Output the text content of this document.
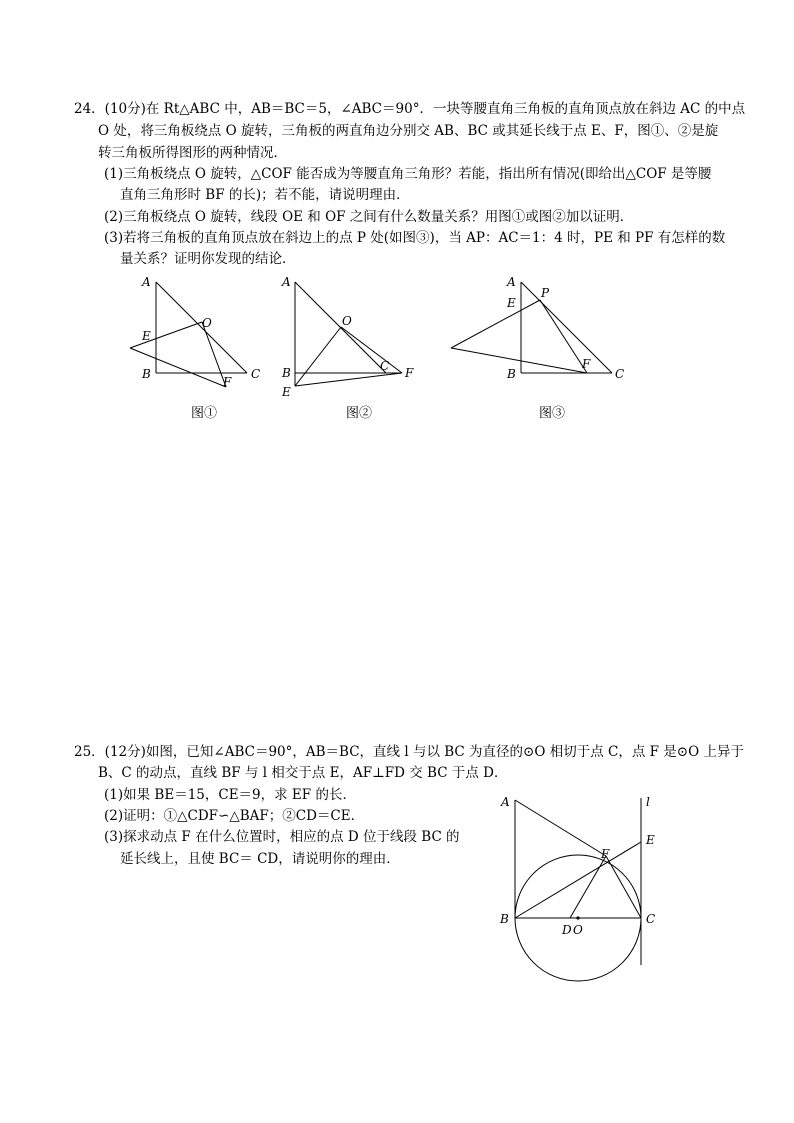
24．(10分)在 Rt△ABC 中，AB＝BC＝5，∠ABC＝90°．一块等腰直角三角板的直角顶点放在斜边 AC 的中点
O 处，将三角板绕点 O 旋转，三角板的两直角边分别交 AB、BC 或其延长线于点 E、F，图①、②是旋
转三角板所得图形的两种情况．
(1)三角板绕点 O 旋转，△COF 能否成为等腰直角三角形？若能，指出所有情况(即给出△COF 是等腰
直角三角形时 BF 的长)；若不能，请说明理由．
(2)三角板绕点 O 旋转，线段 OE 和 OF 之间有什么数量关系？用图①或图②加以证明．
(3)若将三角板的直角顶点放在斜边上的点 P 处(如图③)，当 AP：AC＝1：4 时，PE 和 PF 有怎样的数
量关系？证明你发现的结论．
A
E
O
B	C
F
图①
A
O
B	C F
E
图②
A
P
E
F
B	C
图③
25．(12分)如图，已知∠ABC＝90°，AB＝BC，直线 l 与以 BC 为直径的⊙O 相切于点 C，点 F 是⊙O 上异于
B、C 的动点，直线 BF 与 l 相交于点 E，AF⊥FD 交 BC 于点 D．
(1)如果 BE＝15，CE＝9，求 EF 的长．
(2)证明：①△CDF∽△BAF；②CD＝CE．
(3)探求动点 F 在什么位置时，相应的点 D 位于线段 BC 的
延长线上，且使 BC＝ CD，请说明你的理由．
A	l
E
F
B	C
D O
